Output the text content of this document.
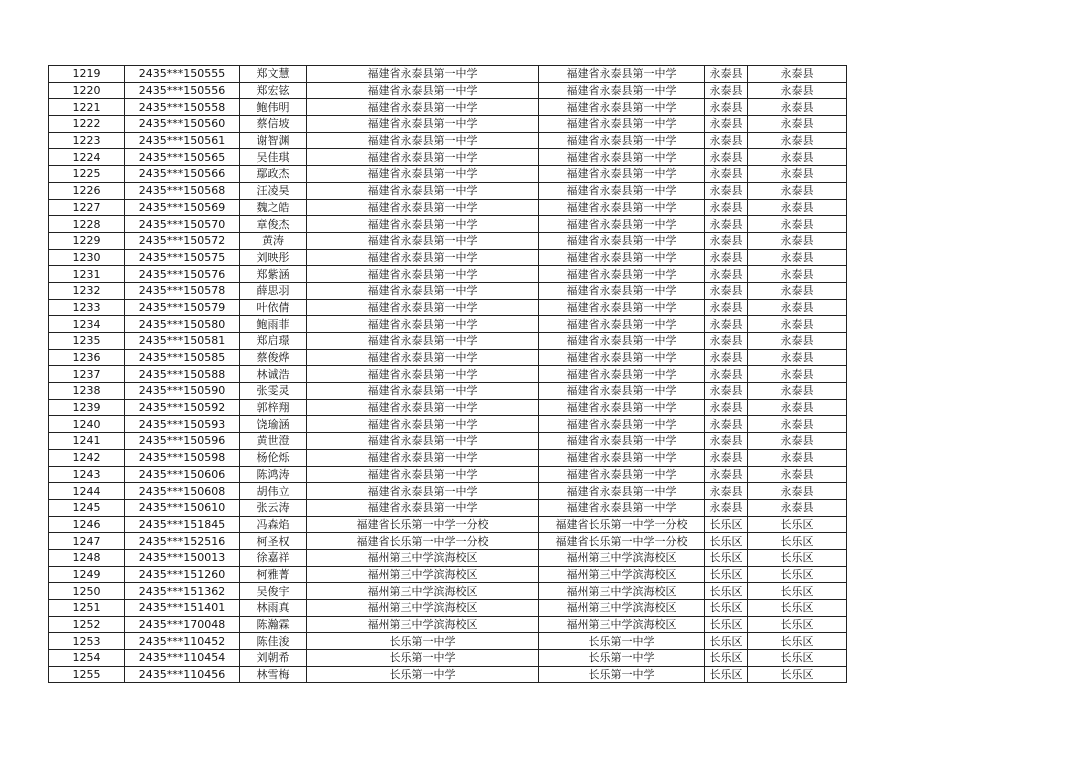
1219	2435***150555	郑文慧	福建省永泰县第一中学	福建省永泰县第一中学	永泰县	永泰县
1220	2435***150556	郑宏铉	福建省永泰县第一中学	福建省永泰县第一中学	永泰县	永泰县
1221	2435***150558	鲍伟明	福建省永泰县第一中学	福建省永泰县第一中学	永泰县	永泰县
1222	2435***150560	蔡信坡	福建省永泰县第一中学	福建省永泰县第一中学	永泰县	永泰县
1223	2435***150561	谢智渊	福建省永泰县第一中学	福建省永泰县第一中学	永泰县	永泰县
1224	2435***150565	吴佳琪	福建省永泰县第一中学	福建省永泰县第一中学	永泰县	永泰县
1225	2435***150566	鄢政杰	福建省永泰县第一中学	福建省永泰县第一中学	永泰县	永泰县
1226	2435***150568	汪凌昊	福建省永泰县第一中学	福建省永泰县第一中学	永泰县	永泰县
1227	2435***150569	魏之皓	福建省永泰县第一中学	福建省永泰县第一中学	永泰县	永泰县
1228	2435***150570	章俊杰	福建省永泰县第一中学	福建省永泰县第一中学	永泰县	永泰县
1229	2435***150572	黄涛	福建省永泰县第一中学	福建省永泰县第一中学	永泰县	永泰县
1230	2435***150575	刘映彤	福建省永泰县第一中学	福建省永泰县第一中学	永泰县	永泰县
1231	2435***150576	郑紫涵	福建省永泰县第一中学	福建省永泰县第一中学	永泰县	永泰县
1232	2435***150578	薛思羽	福建省永泰县第一中学	福建省永泰县第一中学	永泰县	永泰县
1233	2435***150579	叶依倩	福建省永泰县第一中学	福建省永泰县第一中学	永泰县	永泰县
1234	2435***150580	鲍雨菲	福建省永泰县第一中学	福建省永泰县第一中学	永泰县	永泰县
1235	2435***150581	郑启璟	福建省永泰县第一中学	福建省永泰县第一中学	永泰县	永泰县
1236	2435***150585	蔡俊烨	福建省永泰县第一中学	福建省永泰县第一中学	永泰县	永泰县
1237	2435***150588	林诚浩	福建省永泰县第一中学	福建省永泰县第一中学	永泰县	永泰县
1238	2435***150590	张雯灵	福建省永泰县第一中学	福建省永泰县第一中学	永泰县	永泰县
1239	2435***150592	郭梓翔	福建省永泰县第一中学	福建省永泰县第一中学	永泰县	永泰县
1240	2435***150593	饶瑜涵	福建省永泰县第一中学	福建省永泰县第一中学	永泰县	永泰县
1241	2435***150596	黄世澄	福建省永泰县第一中学	福建省永泰县第一中学	永泰县	永泰县
1242	2435***150598	杨伦烁	福建省永泰县第一中学	福建省永泰县第一中学	永泰县	永泰县
1243	2435***150606	陈鸿涛	福建省永泰县第一中学	福建省永泰县第一中学	永泰县	永泰县
1244	2435***150608	胡伟立	福建省永泰县第一中学	福建省永泰县第一中学	永泰县	永泰县
1245	2435***150610	张云涛	福建省永泰县第一中学	福建省永泰县第一中学	永泰县	永泰县
1246	2435***151845	冯森焰	福建省长乐第一中学一分校	福建省长乐第一中学一分校	长乐区	长乐区
1247	2435***152516	柯圣权	福建省长乐第一中学一分校	福建省长乐第一中学一分校	长乐区	长乐区
1248	2435***150013	徐嘉祥	福州第三中学滨海校区	福州第三中学滨海校区	长乐区	长乐区
1249	2435***151260	柯雅菁	福州第三中学滨海校区	福州第三中学滨海校区	长乐区	长乐区
1250	2435***151362	吴俊宇	福州第三中学滨海校区	福州第三中学滨海校区	长乐区	长乐区
1251	2435***151401	林雨真	福州第三中学滨海校区	福州第三中学滨海校区	长乐区	长乐区
1252	2435***170048	陈瀚霖	福州第三中学滨海校区	福州第三中学滨海校区	长乐区	长乐区
1253	2435***110452	陈佳浚	长乐第一中学	长乐第一中学	长乐区	长乐区
1254	2435***110454	刘朝希	长乐第一中学	长乐第一中学	长乐区	长乐区
1255	2435***110456	林雪梅	长乐第一中学	长乐第一中学	长乐区	长乐区
